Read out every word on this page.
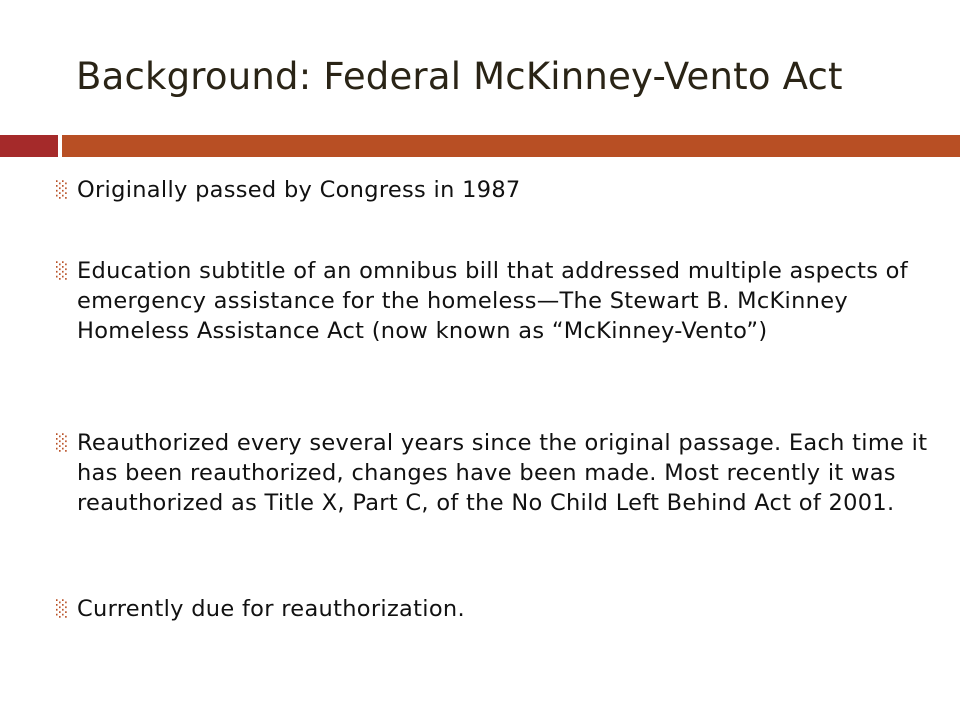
Background: Federal McKinney-Vento Act
░ Originally passed by Congress in 1987
░ Education subtitle of an omnibus bill that addressed multiple aspects of emergency assistance for the homeless—The Stewart B. McKinney Homeless Assistance Act (now known as “McKinney-Vento”)
░ Reauthorized every several years since the original passage. Each time it has been reauthorized, changes have been made. Most recently it was reauthorized as Title X, Part C, of the No Child Left Behind Act of 2001.
░ Currently due for reauthorization.
